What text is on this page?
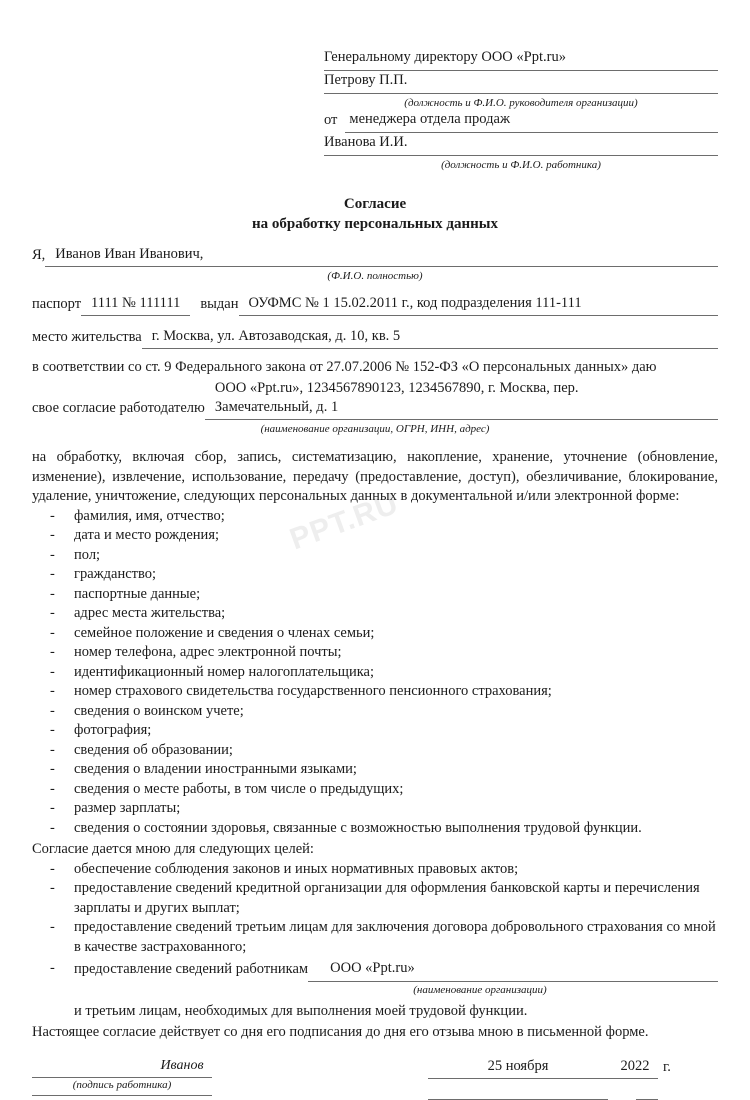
PPT.RU
Генеральному директору ООО «Ppt.ru»
Петрову П.П.
(должность и Ф.И.О. руководителя организации)
от менеджера отдела продаж
Иванова И.И.
(должность и Ф.И.О. работника)
Согласие
на обработку персональных данных
Я, Иванов Иван Иванович,
(Ф.И.О. полностью)
паспорт 1111 № 111111	выдан ОУФМС № 1 15.02.2011 г., код подразделения 111-111
место жительства г. Москва, ул. Автозаводская, д. 10, кв. 5
в соответствии со ст. 9 Федерального закона от 27.07.2006 № 152-ФЗ «О персональных данных» даю
свое согласие работодателю
ООО «Ppt.ru», 1234567890123, 1234567890, г. Москва, пер.
Замечательный, д. 1
(наименование организации, ОГРН, ИНН, адрес)
на обработку, включая сбор, запись, систематизацию, накопление, хранение, уточнение (обновление, изменение), извлечение, использование, передачу (предоставление, доступ), обезличивание, блокирование, удаление, уничтожение, следующих персональных данных в документальной и/или электронной форме:
- фамилия, имя, отчество;
- дата и место рождения;
- пол;
- гражданство;
- паспортные данные;
- адрес места жительства;
- семейное положение и сведения о членах семьи;
- номер телефона, адрес электронной почты;
- идентификационный номер налогоплательщика;
- номер страхового свидетельства государственного пенсионного страхования;
- сведения о воинском учете;
- фотография;
- сведения об образовании;
- сведения о владении иностранными языками;
- сведения о месте работы, в том числе о предыдущих;
- размер зарплаты;
- сведения о состоянии здоровья, связанные с возможностью выполнения трудовой функции.
Согласие дается мною для следующих целей:
- обеспечение соблюдения законов и иных нормативных правовых актов;
- предоставление сведений кредитной организации для оформления банковской карты и перечисления зарплаты и других выплат;
- предоставление сведений третьим лицам для заключения договора добровольного страхования со мной в качестве застрахованного;
- предоставление сведений работникам	ООО «Ppt.ru»
(наименование организации)
и третьим лицам, необходимых для выполнения моей трудовой функции.
Настоящее согласие действует со дня его подписания до дня его отзыва мною в письменной форме.
Иванов
(подпись работника)
25 ноября	2022 г.
